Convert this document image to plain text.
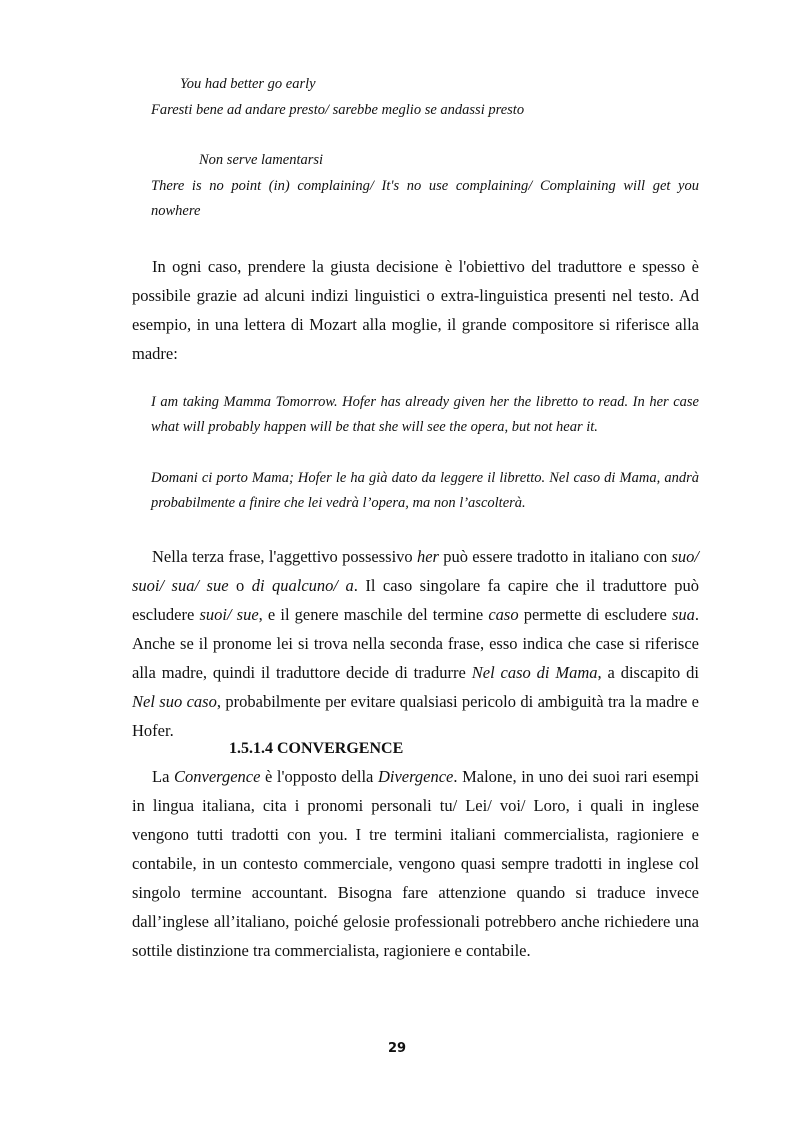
You had better go early

Faresti bene ad andare presto/ sarebbe meglio se andassi presto

Non serve lamentarsi

There is no point (in) complaining/ It's no use complaining/ Complaining will get you

nowhere

In ogni caso, prendere la giusta decisione è l'obiettivo del traduttore e spesso è possibile grazie ad alcuni indizi linguistici o extra-linguistica presenti nel testo. Ad esempio, in una lettera di Mozart alla moglie, il grande compositore si riferisce alla madre:

I am taking Mamma Tomorrow. Hofer has already given her the libretto to read. In her case what will probably happen will be that she will see the opera, but not hear it.

Domani ci porto Mama; Hofer le ha già dato da leggere il libretto. Nel caso di Mama, andrà probabilmente a finire che lei vedrà l’opera, ma non l’ascolterà.

Nella terza frase, l'aggettivo possessivo her può essere tradotto in italiano con suo/ suoi/ sua/ sue o di qualcuno/ a. Il caso singolare fa capire che il traduttore può escludere suoi/ sue, e il genere maschile del termine caso permette di escludere sua. Anche se il pronome lei si trova nella seconda frase, esso indica che case si riferisce alla madre, quindi il traduttore decide di tradurre Nel caso di Mama, a discapito di Nel suo caso, probabilmente per evitare qualsiasi pericolo di ambiguità tra la madre e Hofer.

1.5.1.4 CONVERGENCE

La Convergence è l'opposto della Divergence. Malone, in uno dei suoi rari esempi in lingua italiana, cita i pronomi personali tu/ Lei/ voi/ Loro, i quali in inglese vengono tutti tradotti con you. I tre termini italiani commercialista, ragioniere e contabile, in un contesto commerciale, vengono quasi sempre tradotti in inglese col singolo termine accountant. Bisogna fare attenzione quando si traduce invece dall’inglese all’italiano, poiché gelosie professionali potrebbero anche richiedere una sottile distinzione tra commercialista, ragioniere e contabile.

29
